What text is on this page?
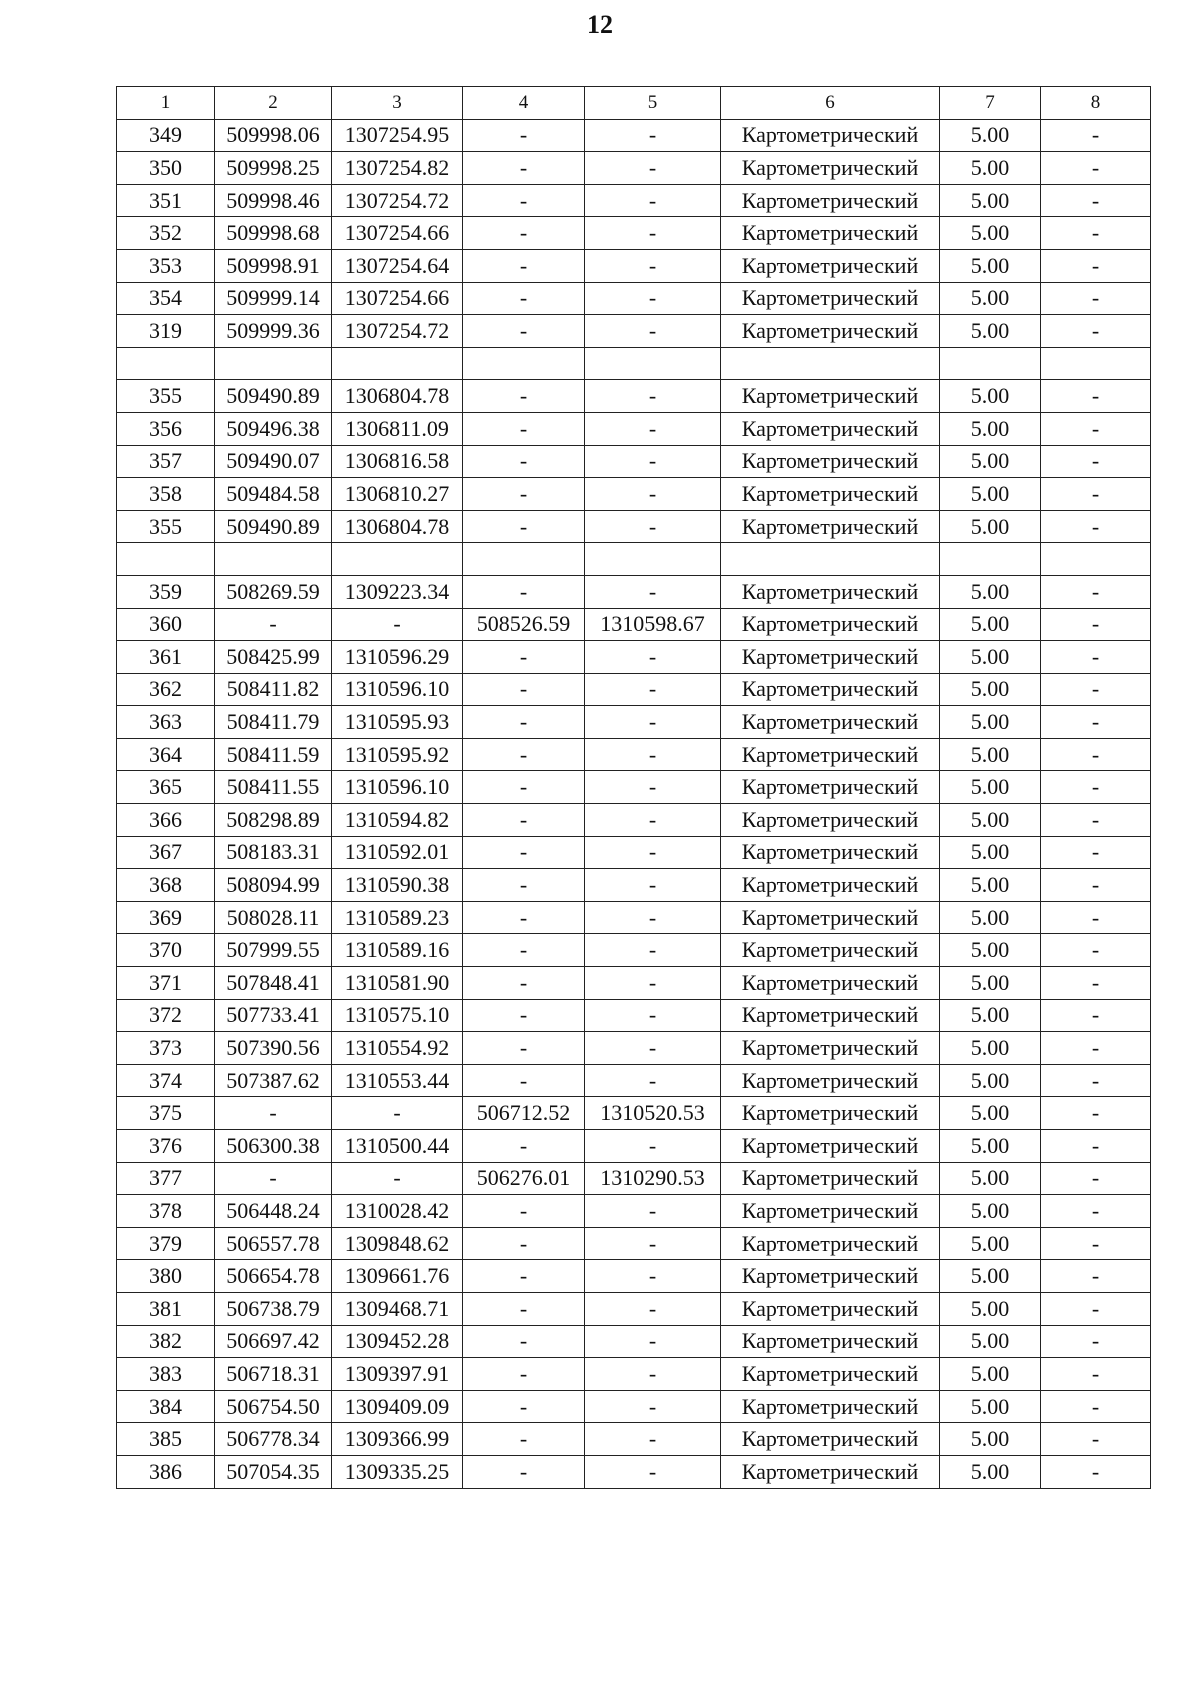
12
1	2	3	4	5	6	7	8
349	509998.06	1307254.95	-	-	Картометрический	5.00	-
350	509998.25	1307254.82	-	-	Картометрический	5.00	-
351	509998.46	1307254.72	-	-	Картометрический	5.00	-
352	509998.68	1307254.66	-	-	Картометрический	5.00	-
353	509998.91	1307254.64	-	-	Картометрический	5.00	-
354	509999.14	1307254.66	-	-	Картометрический	5.00	-
319	509999.36	1307254.72	-	-	Картометрический	5.00	-

355	509490.89	1306804.78	-	-	Картометрический	5.00	-
356	509496.38	1306811.09	-	-	Картометрический	5.00	-
357	509490.07	1306816.58	-	-	Картометрический	5.00	-
358	509484.58	1306810.27	-	-	Картометрический	5.00	-
355	509490.89	1306804.78	-	-	Картометрический	5.00	-

359	508269.59	1309223.34	-	-	Картометрический	5.00	-
360	-	-	508526.59	1310598.67	Картометрический	5.00	-
361	508425.99	1310596.29	-	-	Картометрический	5.00	-
362	508411.82	1310596.10	-	-	Картометрический	5.00	-
363	508411.79	1310595.93	-	-	Картометрический	5.00	-
364	508411.59	1310595.92	-	-	Картометрический	5.00	-
365	508411.55	1310596.10	-	-	Картометрический	5.00	-
366	508298.89	1310594.82	-	-	Картометрический	5.00	-
367	508183.31	1310592.01	-	-	Картометрический	5.00	-
368	508094.99	1310590.38	-	-	Картометрический	5.00	-
369	508028.11	1310589.23	-	-	Картометрический	5.00	-
370	507999.55	1310589.16	-	-	Картометрический	5.00	-
371	507848.41	1310581.90	-	-	Картометрический	5.00	-
372	507733.41	1310575.10	-	-	Картометрический	5.00	-
373	507390.56	1310554.92	-	-	Картометрический	5.00	-
374	507387.62	1310553.44	-	-	Картометрический	5.00	-
375	-	-	506712.52	1310520.53	Картометрический	5.00	-
376	506300.38	1310500.44	-	-	Картометрический	5.00	-
377	-	-	506276.01	1310290.53	Картометрический	5.00	-
378	506448.24	1310028.42	-	-	Картометрический	5.00	-
379	506557.78	1309848.62	-	-	Картометрический	5.00	-
380	506654.78	1309661.76	-	-	Картометрический	5.00	-
381	506738.79	1309468.71	-	-	Картометрический	5.00	-
382	506697.42	1309452.28	-	-	Картометрический	5.00	-
383	506718.31	1309397.91	-	-	Картометрический	5.00	-
384	506754.50	1309409.09	-	-	Картометрический	5.00	-
385	506778.34	1309366.99	-	-	Картометрический	5.00	-
386	507054.35	1309335.25	-	-	Картометрический	5.00	-
